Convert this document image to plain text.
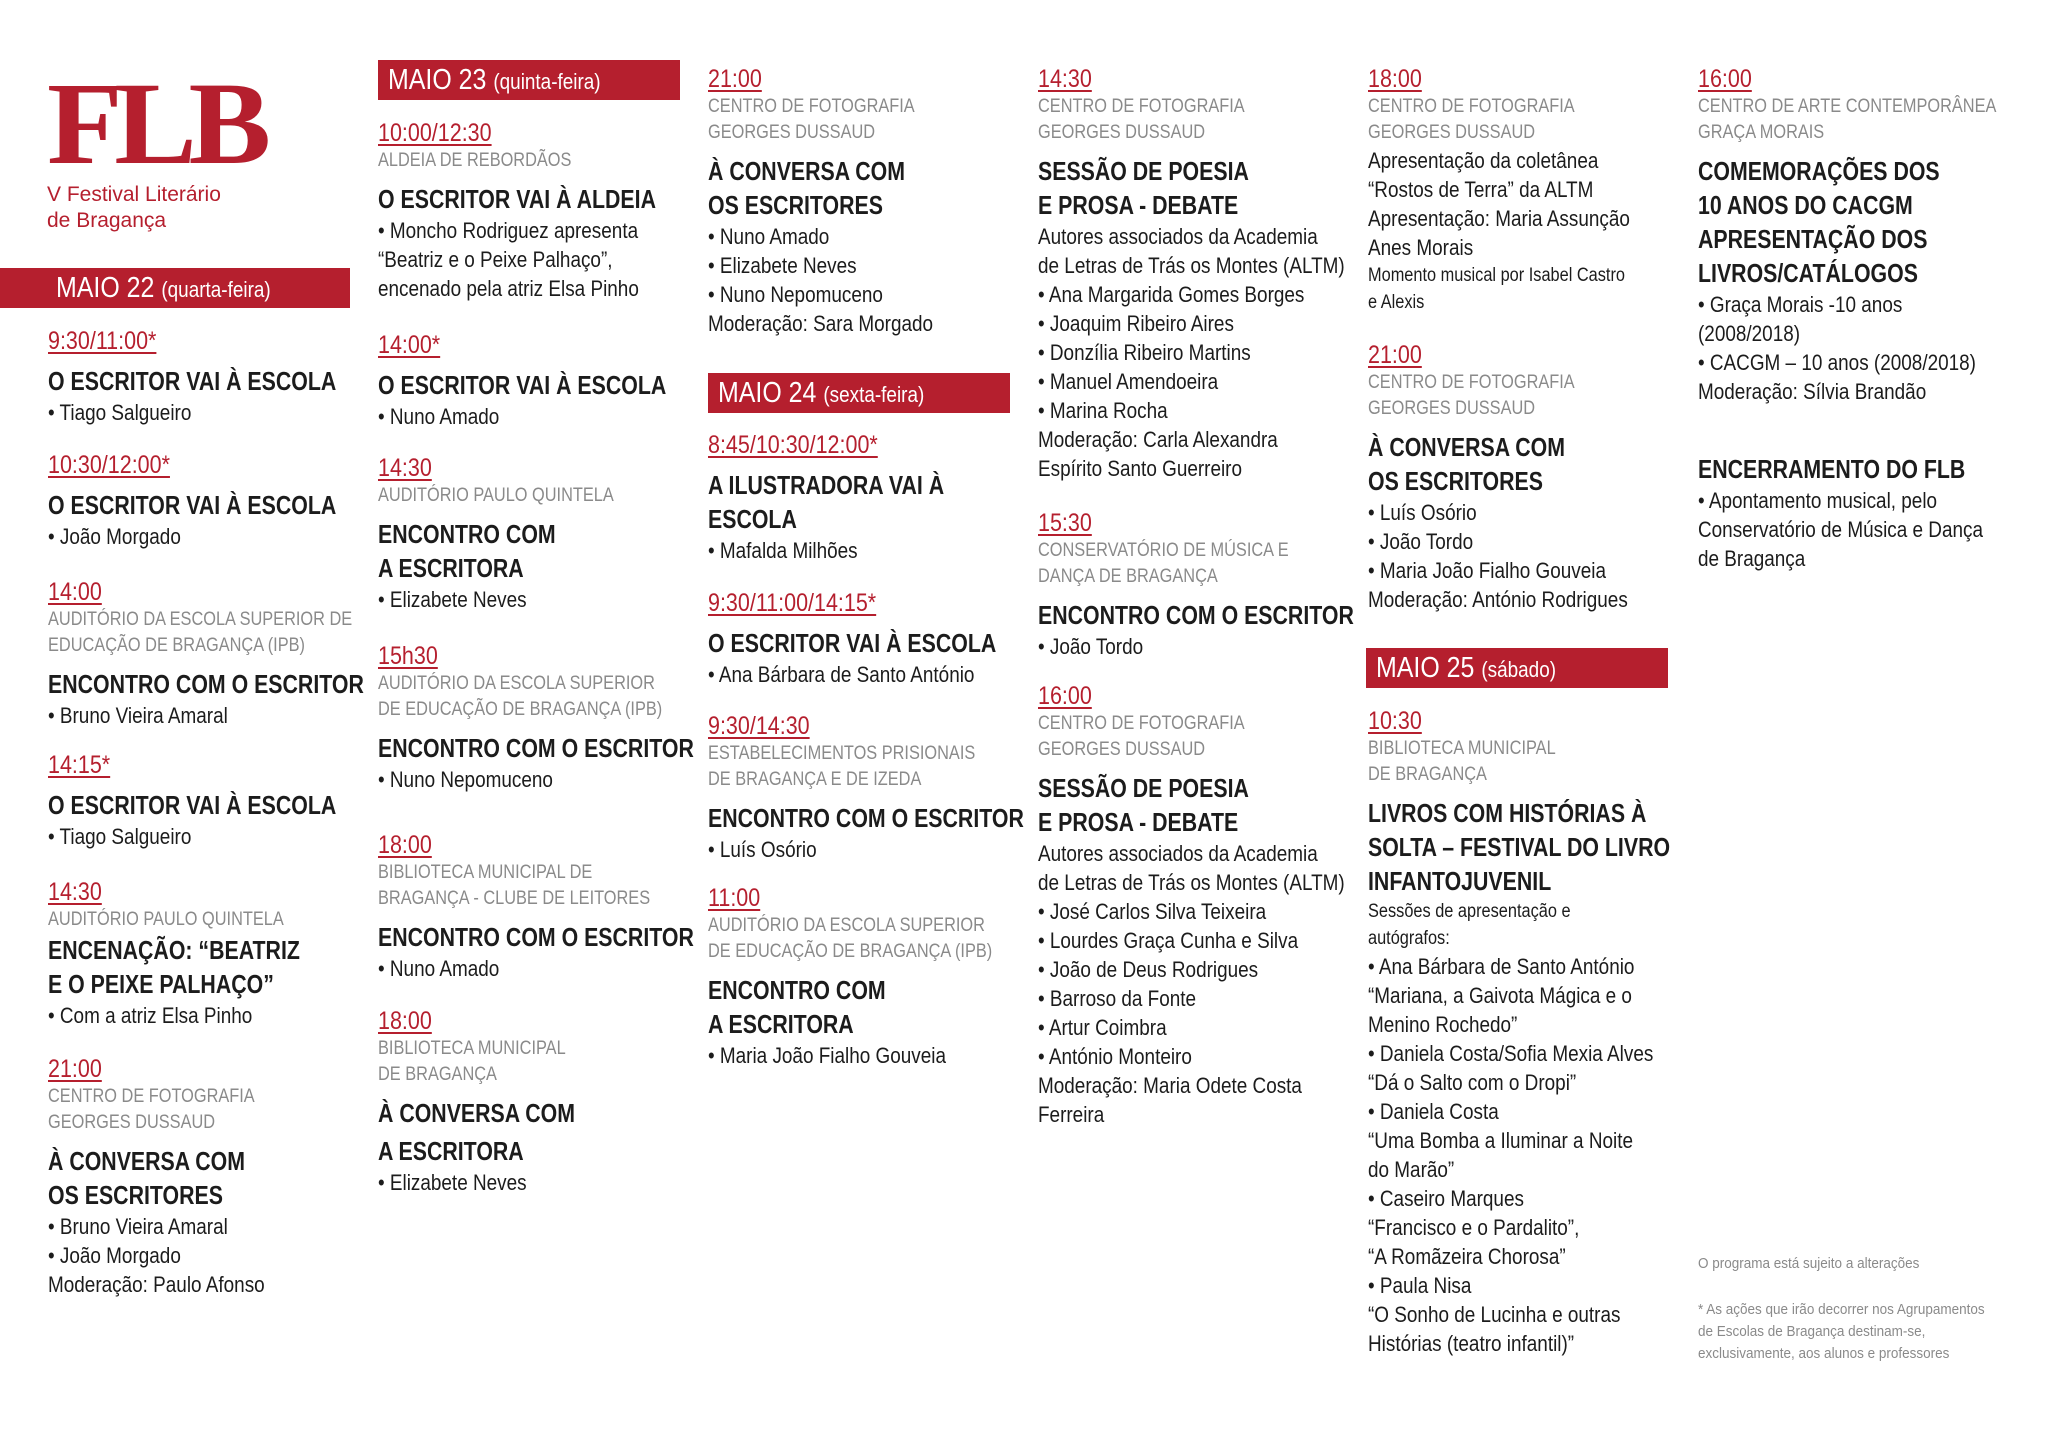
FLB
V Festival Literário
de Bragança
MAIO 22 (quarta-feira)
MAIO 23 (quinta-feira)
MAIO 24 (sexta-feira)
MAIO 25 (sábado)
9:30/11:00*
O ESCRITOR VAI À ESCOLA
• Tiago Salgueiro
10:30/12:00*
O ESCRITOR VAI À ESCOLA
• João Morgado
14:00
AUDITÓRIO DA ESCOLA SUPERIOR DE
EDUCAÇÃO DE BRAGANÇA (IPB)
ENCONTRO COM O ESCRITOR
• Bruno Vieira Amaral
14:15*
O ESCRITOR VAI À ESCOLA
• Tiago Salgueiro
14:30
AUDITÓRIO PAULO QUINTELA
ENCENAÇÃO: “BEATRIZ
E O PEIXE PALHAÇO”
• Com a atriz Elsa Pinho
21:00
CENTRO DE FOTOGRAFIA
GEORGES DUSSAUD
À CONVERSA COM
OS ESCRITORES
• Bruno Vieira Amaral
• João Morgado
Moderação: Paulo Afonso
10:00/12:30
ALDEIA DE REBORDÃOS
O ESCRITOR VAI À ALDEIA
• Moncho Rodriguez apresenta
“Beatriz e o Peixe Palhaço”,
encenado pela atriz Elsa Pinho
14:00*
O ESCRITOR VAI À ESCOLA
• Nuno Amado
14:30
AUDITÓRIO PAULO QUINTELA
ENCONTRO COM
A ESCRITORA
• Elizabete Neves
15h30
AUDITÓRIO DA ESCOLA SUPERIOR
DE EDUCAÇÃO DE BRAGANÇA (IPB)
ENCONTRO COM O ESCRITOR
• Nuno Nepomuceno
18:00
BIBLIOTECA MUNICIPAL DE
BRAGANÇA - CLUBE DE LEITORES
ENCONTRO COM O ESCRITOR
• Nuno Amado
18:00
BIBLIOTECA MUNICIPAL
DE BRAGANÇA
À CONVERSA COM
A ESCRITORA
• Elizabete Neves
21:00
CENTRO DE FOTOGRAFIA
GEORGES DUSSAUD
À CONVERSA COM
OS ESCRITORES
• Nuno Amado
• Elizabete Neves
• Nuno Nepomuceno
Moderação: Sara Morgado
8:45/10:30/12:00*
A ILUSTRADORA VAI À
ESCOLA
• Mafalda Milhões
9:30/11:00/14:15*
O ESCRITOR VAI À ESCOLA
• Ana Bárbara de Santo António
9:30/14:30
ESTABELECIMENTOS PRISIONAIS
DE BRAGANÇA E DE IZEDA
ENCONTRO COM O ESCRITOR
• Luís Osório
11:00
AUDITÓRIO DA ESCOLA SUPERIOR
DE EDUCAÇÃO DE BRAGANÇA (IPB)
ENCONTRO COM
A ESCRITORA
• Maria João Fialho Gouveia
14:30
CENTRO DE FOTOGRAFIA
GEORGES DUSSAUD
SESSÃO DE POESIA
E PROSA - DEBATE
Autores associados da Academia
de Letras de Trás os Montes (ALTM)
• Ana Margarida Gomes Borges
• Joaquim Ribeiro Aires
• Donzília Ribeiro Martins
• Manuel Amendoeira
• Marina Rocha
Moderação: Carla Alexandra
Espírito Santo Guerreiro
15:30
CONSERVATÓRIO DE MÚSICA E
DANÇA DE BRAGANÇA
ENCONTRO COM O ESCRITOR
• João Tordo
16:00
CENTRO DE FOTOGRAFIA
GEORGES DUSSAUD
SESSÃO DE POESIA
E PROSA - DEBATE
Autores associados da Academia
de Letras de Trás os Montes (ALTM)
• José Carlos Silva Teixeira
• Lourdes Graça Cunha e Silva
• João de Deus Rodrigues
• Barroso da Fonte
• Artur Coimbra
• António Monteiro
Moderação: Maria Odete Costa
Ferreira
18:00
CENTRO DE FOTOGRAFIA
GEORGES DUSSAUD
Apresentação da coletânea
“Rostos de Terra” da ALTM
Apresentação: Maria Assunção
Anes Morais
Momento musical por Isabel Castro
e Alexis
21:00
CENTRO DE FOTOGRAFIA
GEORGES DUSSAUD
À CONVERSA COM
OS ESCRITORES
• Luís Osório
• João Tordo
• Maria João Fialho Gouveia
Moderação: António Rodrigues
10:30
BIBLIOTECA MUNICIPAL
DE BRAGANÇA
LIVROS COM HISTÓRIAS À
SOLTA – FESTIVAL DO LIVRO
INFANTOJUVENIL
Sessões de apresentação e
autógrafos:
• Ana Bárbara de Santo António
“Mariana, a Gaivota Mágica e o
Menino Rochedo”
• Daniela Costa/Sofia Mexia Alves
“Dá o Salto com o Dropi”
• Daniela Costa
“Uma Bomba a Iluminar a Noite
do Marão”
• Caseiro Marques
“Francisco e o Pardalito”,
“A Romãzeira Chorosa”
• Paula Nisa
“O Sonho de Lucinha e outras
Histórias (teatro infantil)”
16:00
CENTRO DE ARTE CONTEMPORÂNEA
GRAÇA MORAIS
COMEMORAÇÕES DOS
10 ANOS DO CACGM
APRESENTAÇÃO DOS
LIVROS/CATÁLOGOS
• Graça Morais -10 anos
(2008/2018)
• CACGM – 10 anos (2008/2018)
Moderação: Sílvia Brandão
ENCERRAMENTO DO FLB
• Apontamento musical, pelo
Conservatório de Música e Dança
de Bragança
O programa está sujeito a alterações
* As ações que irão decorrer nos Agrupamentos
de Escolas de Bragança destinam-se,
exclusivamente, aos alunos e professores
